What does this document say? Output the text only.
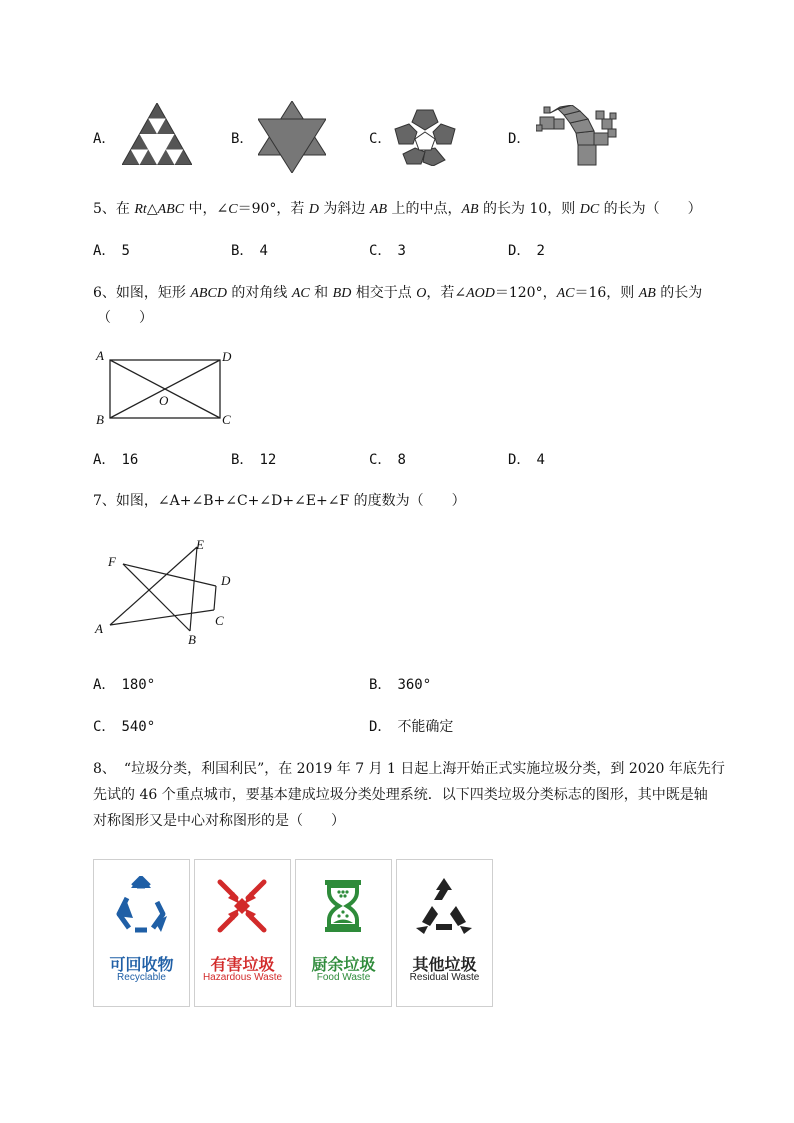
A．	B．	C．	D．
5、在 Rt△ABC 中，∠C＝90°，若 D 为斜边 AB 上的中点，AB 的长为 10，则 DC 的长为（　　）
A． 5	B． 4	C． 3	D． 2
6、如图，矩形 ABCD 的对角线 AC 和 BD 相交于点 O，若∠AOD＝120°，AC＝16，则 AB 的长为
（　　）
A	D
B	C
O
A． 16	B． 12	C． 8	D． 4
7、如图，∠A+∠B+∠C+∠D+∠E+∠F 的度数为（　　）
A
B
C
D
E
F
A． 180°	B． 360°
C． 540°	D． 不能确定
8、 “垃圾分类，利国利民”，在 2019 年 7 月 1 日起上海开始正式实施垃圾分类，到 2020 年底先行
先试的 46 个重点城市，要基本建成垃圾分类处理系统．以下四类垃圾分类标志的图形，其中既是轴
对称图形又是中心对称图形的是（　　）
可回收物
Recyclable
有害垃圾
Hazardous Waste
厨余垃圾
Food Waste
其他垃圾
Residual Waste
